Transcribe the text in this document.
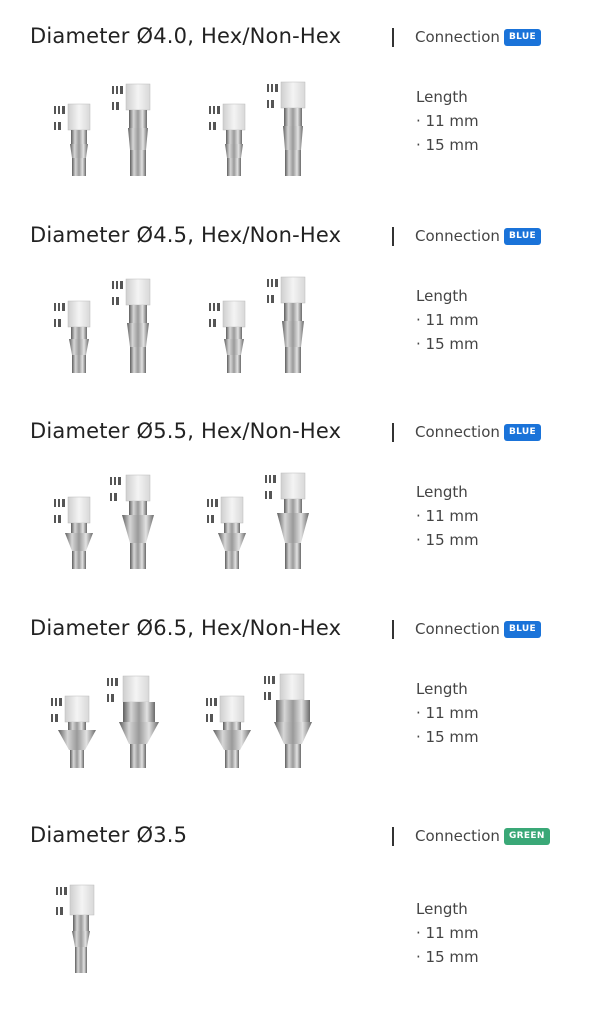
Diameter Ø4.0, Hex/Non-Hex	Connection	BLUE
Length
· 11 mm
· 15 mm
Diameter Ø4.5, Hex/Non-Hex	Connection	BLUE
Length
· 11 mm
· 15 mm
Diameter Ø5.5, Hex/Non-Hex	Connection	BLUE
Length
· 11 mm
· 15 mm
Diameter Ø6.5, Hex/Non-Hex	Connection	BLUE
Length
· 11 mm
· 15 mm
Diameter Ø3.5	Connection	GREEN
Length
· 11 mm
· 15 mm
